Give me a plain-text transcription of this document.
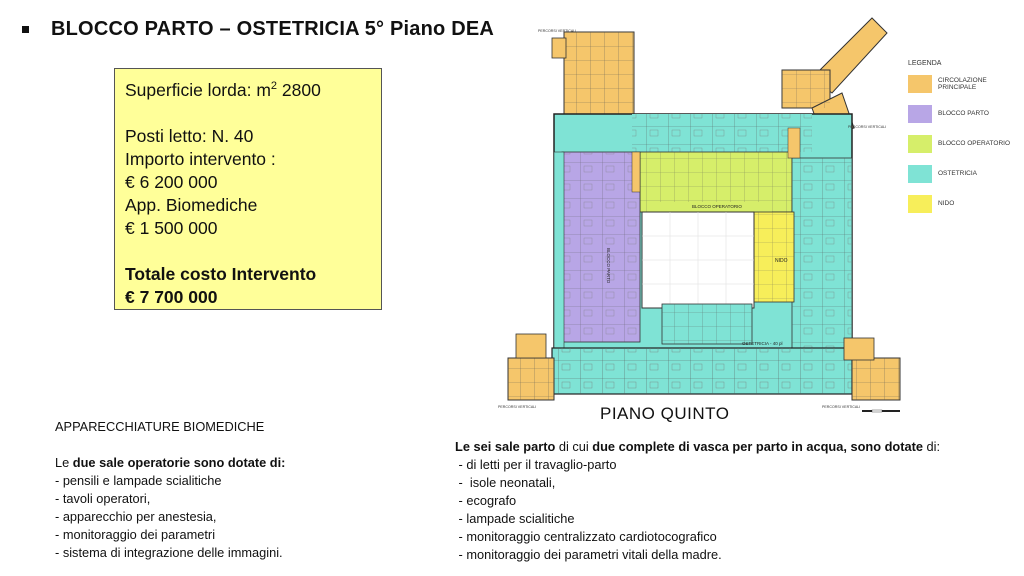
BLOCCO PARTO – OSTETRICIA 5° Piano DEA

Superficie lorda: $m^2$ 2800

Posti letto: N. 40

Importo intervento :

€ 6 200 000

App. Biomediche

€ 1 500 000

Totale costo Intervento

€ 7 700 000

BLOCCO OPERATORIO
BLOCCO PARTO	NIDO
OSTETRICIA - 40 pl
PERCORSI VERTICALI
PERCORSI VERTICALI
PERCORSI VERTICALI	PERCORSI VERTICALI
PIANO QUINTO
LEGENDA
CIRCOLAZIONE PRINCIPALE
BLOCCO PARTO
BLOCCO OPERATORIO
OSTETRICIA
NIDO
APPARECCHIATURE BIOMEDICHE

Le due sale operatorie sono dotate di:

- pensili e lampade scialitiche

- tavoli operatori,

- apparecchio per anestesia,

- monitoraggio dei parametri

- sistema di integrazione delle immagini.

Le sei sale parto di cui due complete di vasca per parto in acqua, sono dotate di:

- di letti per il travaglio-parto

-  isole neonatali,

- ecografo

- lampade scialitiche

- monitoraggio centralizzato cardiotocografico

- monitoraggio dei parametri vitali della madre.
